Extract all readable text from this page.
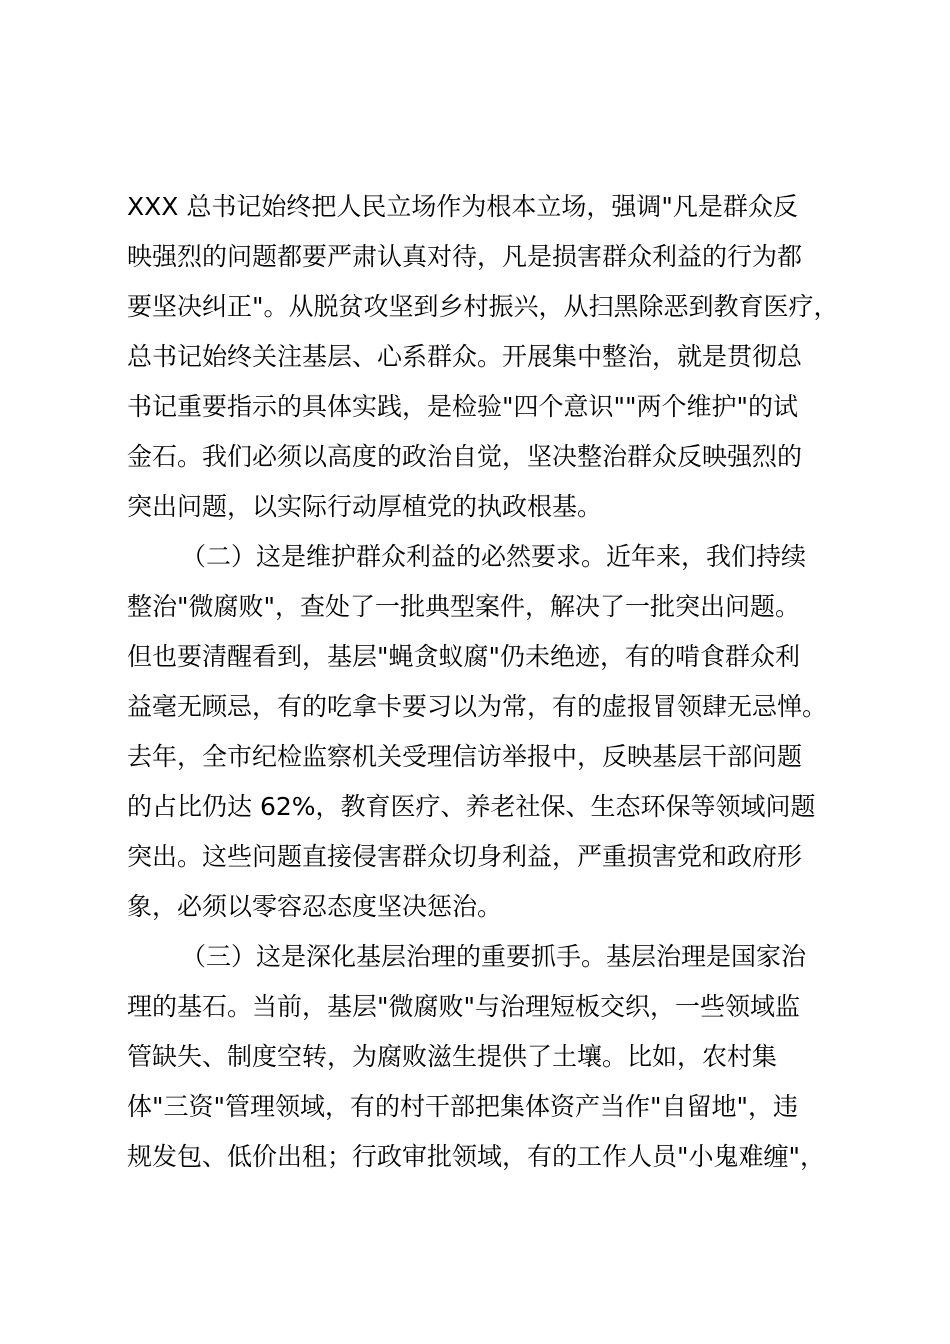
XXX 总书记始终把人民立场作为根本立场，强调"凡是群众反
映强烈的问题都要严肃认真对待，凡是损害群众利益的行为都
要坚决纠正"。从脱贫攻坚到乡村振兴，从扫黑除恶到教育医疗，
总书记始终关注基层、心系群众。开展集中整治，就是贯彻总
书记重要指示的具体实践，是检验"四个意识""两个维护"的试
金石。我们必须以高度的政治自觉，坚决整治群众反映强烈的
突出问题，以实际行动厚植党的执政根基。
（二）这是维护群众利益的必然要求。近年来，我们持续
整治"微腐败"，查处了一批典型案件，解决了一批突出问题。
但也要清醒看到，基层"蝇贪蚁腐"仍未绝迹，有的啃食群众利
益毫无顾忌，有的吃拿卡要习以为常，有的虚报冒领肆无忌惮。
去年，全市纪检监察机关受理信访举报中，反映基层干部问题
的占比仍达 62%，教育医疗、养老社保、生态环保等领域问题
突出。这些问题直接侵害群众切身利益，严重损害党和政府形
象，必须以零容忍态度坚决惩治。
（三）这是深化基层治理的重要抓手。基层治理是国家治
理的基石。当前，基层"微腐败"与治理短板交织，一些领域监
管缺失、制度空转，为腐败滋生提供了土壤。比如，农村集
体"三资"管理领域，有的村干部把集体资产当作"自留地"，违
规发包、低价出租；行政审批领域，有的工作人员"小鬼难缠"，
